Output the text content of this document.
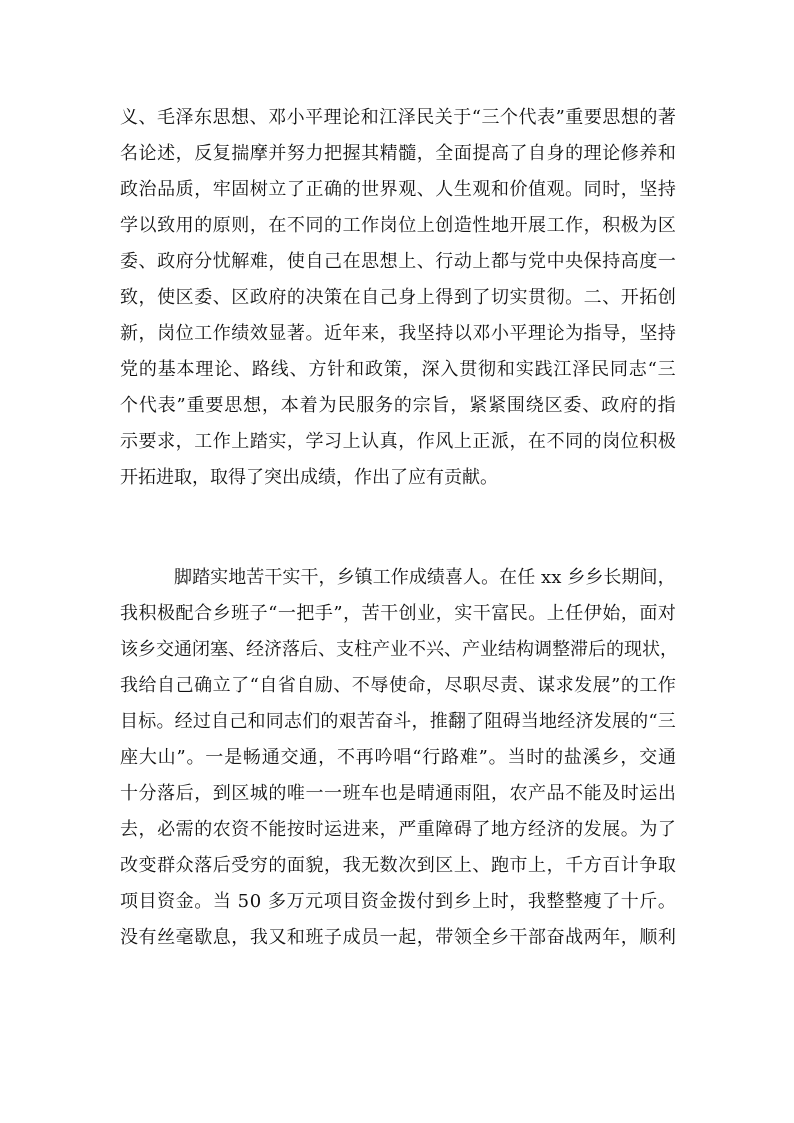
义 、 毛 泽 东 思 想 、 邓 小 平 理 论 和 江 泽 民 关 于 “ 三 个 代 表 ” 重 要 思 想 的 著
名 论 述 ， 反 复 揣 摩 并 努 力 把 握 其 精 髓 ， 全 面 提 高 了 自 身 的 理 论 修 养 和
政 治 品 质 ， 牢 固 树 立 了 正 确 的 世 界 观 、 人 生 观 和 价 值 观 。 同 时 ， 坚 持
学 以 致 用 的 原 则 ， 在 不 同 的 工 作 岗 位 上 创 造 性 地 开 展 工 作 ， 积 极 为 区
委 、 政 府 分 忧 解 难 ， 使 自 己 在 思 想 上 、 行 动 上 都 与 党 中 央 保 持 高 度 一
致 ， 使 区 委 、 区 政 府 的 决 策 在 自 己 身 上 得 到 了 切 实 贯 彻 。 二 、 开 拓 创
新 ， 岗 位 工 作 绩 效 显 著 。 近 年 来 ， 我 坚 持 以 邓 小 平 理 论 为 指 导 ， 坚 持
党 的 基 本 理 论 、 路 线 、 方 针 和 政 策 ， 深 入 贯 彻 和 实 践 江 泽 民 同 志 “ 三
个 代 表 ” 重 要 思 想 ， 本 着 为 民 服 务 的 宗 旨 ， 紧 紧 围 绕 区 委 、 政 府 的 指
示 要 求 ， 工 作 上 踏 实 ， 学 习 上 认 真 ， 作 风 上 正 派 ， 在 不 同 的 岗 位 积 极
开拓进取，取得了突出成绩，作出了应有贡献。
脚 踏 实 地 苦 干 实 干 ， 乡 镇 工 作 成 绩 喜 人 。 在 任
x x
乡 乡 长 期 间 ，
我 积 极 配 合 乡 班 子 “ 一 把 手 ” ， 苦 干 创 业 ， 实 干 富 民 。 上 任 伊 始 ， 面 对
该 乡 交 通 闭 塞 、 经 济 落 后 、 支 柱 产 业 不 兴 、 产 业 结 构 调 整 滞 后 的 现 状 ，
我 给 自 己 确 立 了 “ 自 省 自 励 、 不 辱 使 命 ， 尽 职 尽 责 、 谋 求 发 展 ” 的 工 作
目 标 。 经 过 自 己 和 同 志 们 的 艰 苦 奋 斗 ， 推 翻 了 阻 碍 当 地 经 济 发 展 的 “ 三
座 大 山 ” 。 一 是 畅 通 交 通 ， 不 再 吟 唱 “ 行 路 难 ” 。 当 时 的 盐 溪 乡 ， 交 通
十 分 落 后 ， 到 区 城 的 唯 一 一 班 车 也 是 晴 通 雨 阻 ， 农 产 品 不 能 及 时 运 出
去 ， 必 需 的 农 资 不 能 按 时 运 进 来 ， 严 重 障 碍 了 地 方 经 济 的 发 展 。 为 了
改 变 群 众 落 后 受 穷 的 面 貌 ， 我 无 数 次 到 区 上 、 跑 市 上 ， 千 方 百 计 争 取
项 目 资 金 。 当
5 0
多 万 元 项 目 资 金 拨 付 到 乡 上 时 ， 我 整 整 瘦 了 十 斤 。
没 有 丝 毫 歇 息 ， 我 又 和 班 子 成 员 一 起 ， 带 领 全 乡 干 部 奋 战 两 年 ， 顺 利
